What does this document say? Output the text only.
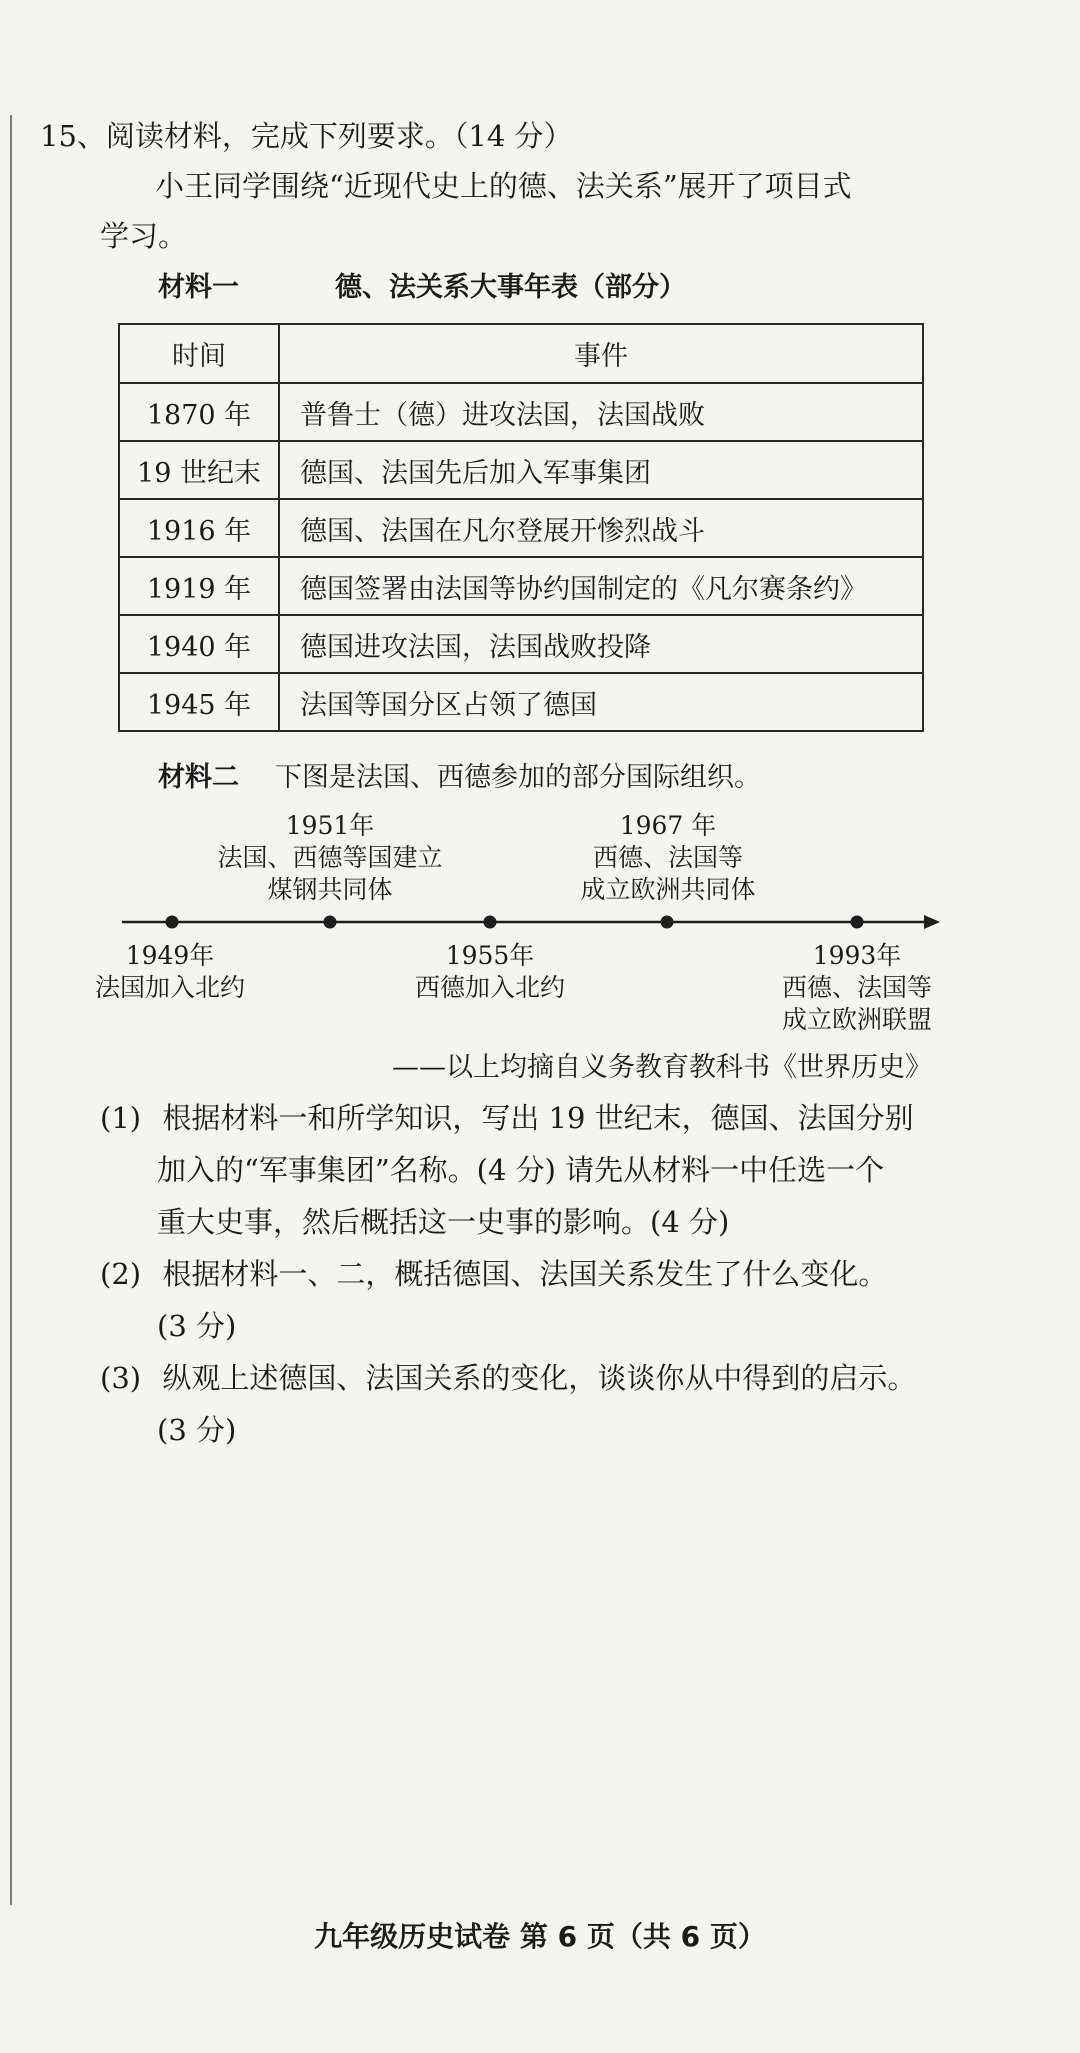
15、阅读材料，完成下列要求。（14 分）
小王同学围绕“近现代史上的德、法关系”展开了项目式
学习。
材料一	德、法关系大事年表（部分）
时间	事件
1870 年	普鲁士（德）进攻法国，法国战败
19 世纪末	德国、法国先后加入军事集团
1916 年	德国、法国在凡尔登展开惨烈战斗
1919 年	德国签署由法国等协约国制定的《凡尔赛条约》
1940 年	德国进攻法国，法国战败投降
1945 年	法国等国分区占领了德国
材料二 下图是法国、西德参加的部分国际组织。
1951年
法国、西德等国建立
煤钢共同体
1967 年
西德、法国等
成立欧洲共同体
1949年
法国加入北约
1955年
西德加入北约
1993年
西德、法国等
成立欧洲联盟
——以上均摘自义务教育教科书《世界历史》
(1) 根据材料一和所学知识，写出 19 世纪末，德国、法国分别
加入的“军事集团”名称。(4 分) 请先从材料一中任选一个
重大史事，然后概括这一史事的影响。(4 分)
(2) 根据材料一、二，概括德国、法国关系发生了什么变化。
(3 分)
(3) 纵观上述德国、法国关系的变化，谈谈你从中得到的启示。
(3 分)
九年级历史试卷 第 6 页（共 6 页）
